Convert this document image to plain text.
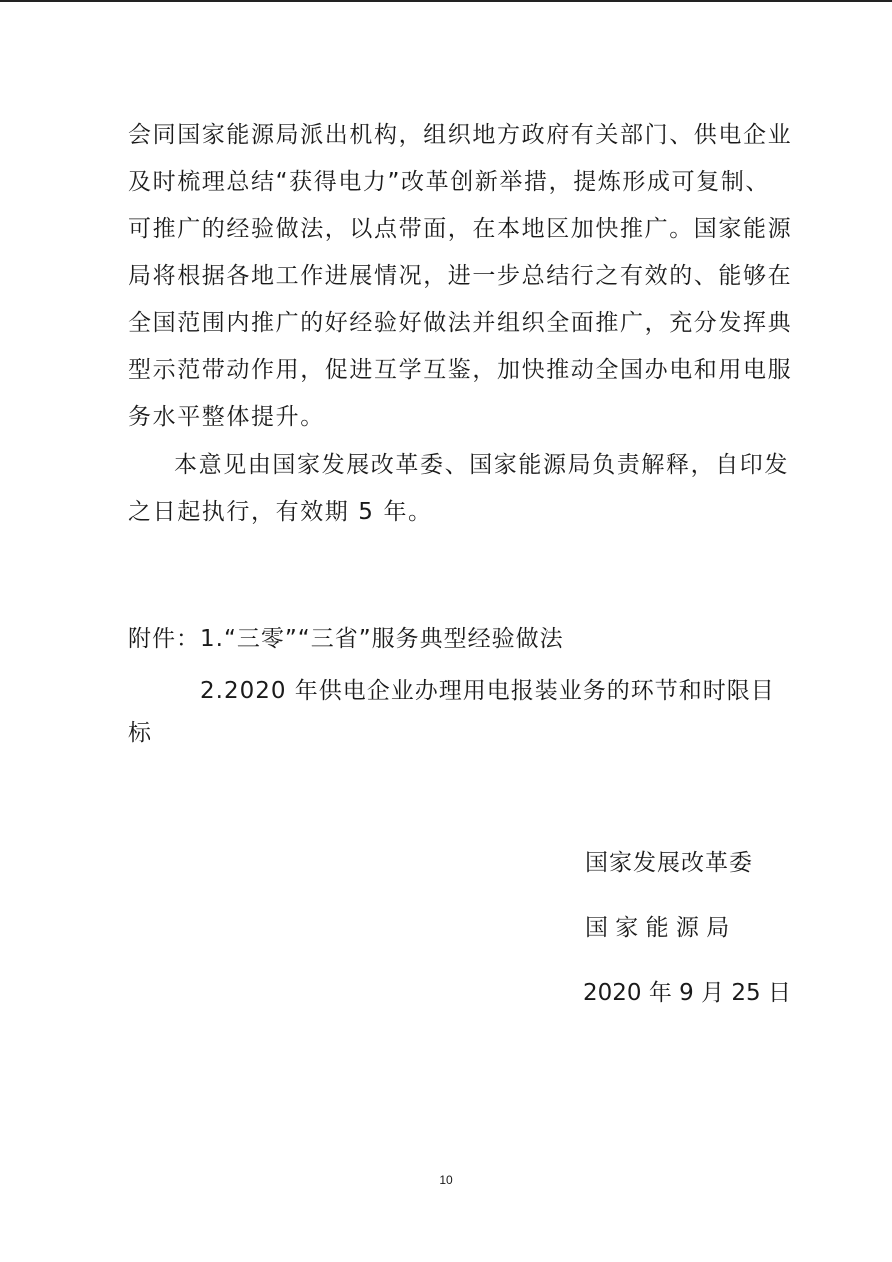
会同国家能源局派出机构，组织地方政府有关部门、供电企业
及时梳理总结“获得电力”改革创新举措，提炼形成可复制、
可推广的经验做法，以点带面，在本地区加快推广。国家能源
局将根据各地工作进展情况，进一步总结行之有效的、能够在
全国范围内推广的好经验好做法并组织全面推广，充分发挥典
型示范带动作用，促进互学互鉴，加快推动全国办电和用电服
务水平整体提升。
本意见由国家发展改革委、国家能源局负责解释，自印发
之日起执行，有效期 5 年。
附件：1.“三零”“三省”服务典型经验做法
2.2020 年供电企业办理用电报装业务的环节和时限目
标
国家发展改革委
国 家 能 源 局
2020 年 9 月 25 日
10
